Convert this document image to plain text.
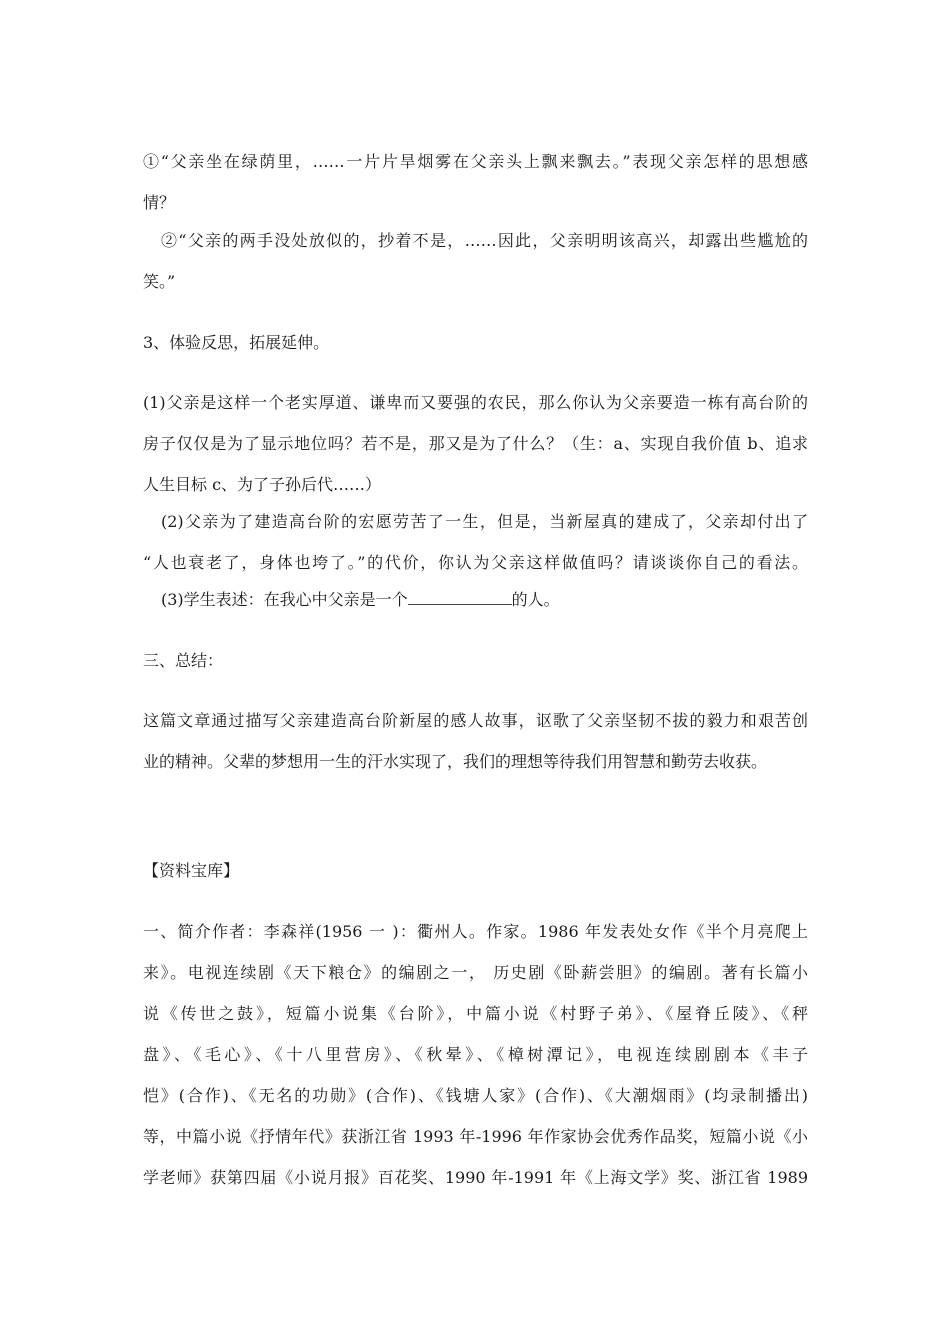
①“父亲坐在绿荫里，……一片片旱烟雾在父亲头上飘来飘去。”表现父亲怎样的思想感
情？
②“父亲的两手没处放似的，抄着不是，……因此，父亲明明该高兴，却露出些尴尬的
笑。”
3、体验反思，拓展延伸。
(1)父亲是这样一个老实厚道、谦卑而又要强的农民，那么你认为父亲要造一栋有高台阶的
房子仅仅是为了显示地位吗？若不是，那又是为了什么？（生：a、实现自我价值 b、追求
人生目标 c、为了子孙后代……）
(2)父亲为了建造高台阶的宏愿劳苦了一生，但是，当新屋真的建成了，父亲却付出了
“人也衰老了，身体也垮了。”的代价，你认为父亲这样做值吗？请谈谈你自己的看法。
(3)学生表述：在我心中父亲是一个	的人。
三、总结：
这篇文章通过描写父亲建造高台阶新屋的感人故事，讴歌了父亲坚韧不拔的毅力和艰苦创
业的精神。父辈的梦想用一生的汗水实现了，我们的理想等待我们用智慧和勤劳去收获。
【资料宝库】
一、简介作者：李森祥(1956 一 )：衢州人。作家。1986 年发表处女作《半个月亮爬上
来》。电视连续剧《天下粮仓》的编剧之一， 历史剧《卧薪尝胆》的编剧。著有长篇小
说《传世之鼓》，短篇小说集《台阶》，中篇小说《村野子弟》、《屋脊丘陵》、《秤
盘》、《毛心》、《十八里营房》、《秋晕》、《樟树潭记》，电视连续剧剧本《丰子
恺》(合作)、《无名的功勋》(合作)、《钱塘人家》(合作)、《大潮烟雨》(均录制播出)
等，中篇小说《抒情年代》获浙江省 1993 年-1996 年作家协会优秀作品奖，短篇小说《小
学老师》获第四届《小说月报》百花奖、1990 年-1991 年《上海文学》奖、浙江省 1989
